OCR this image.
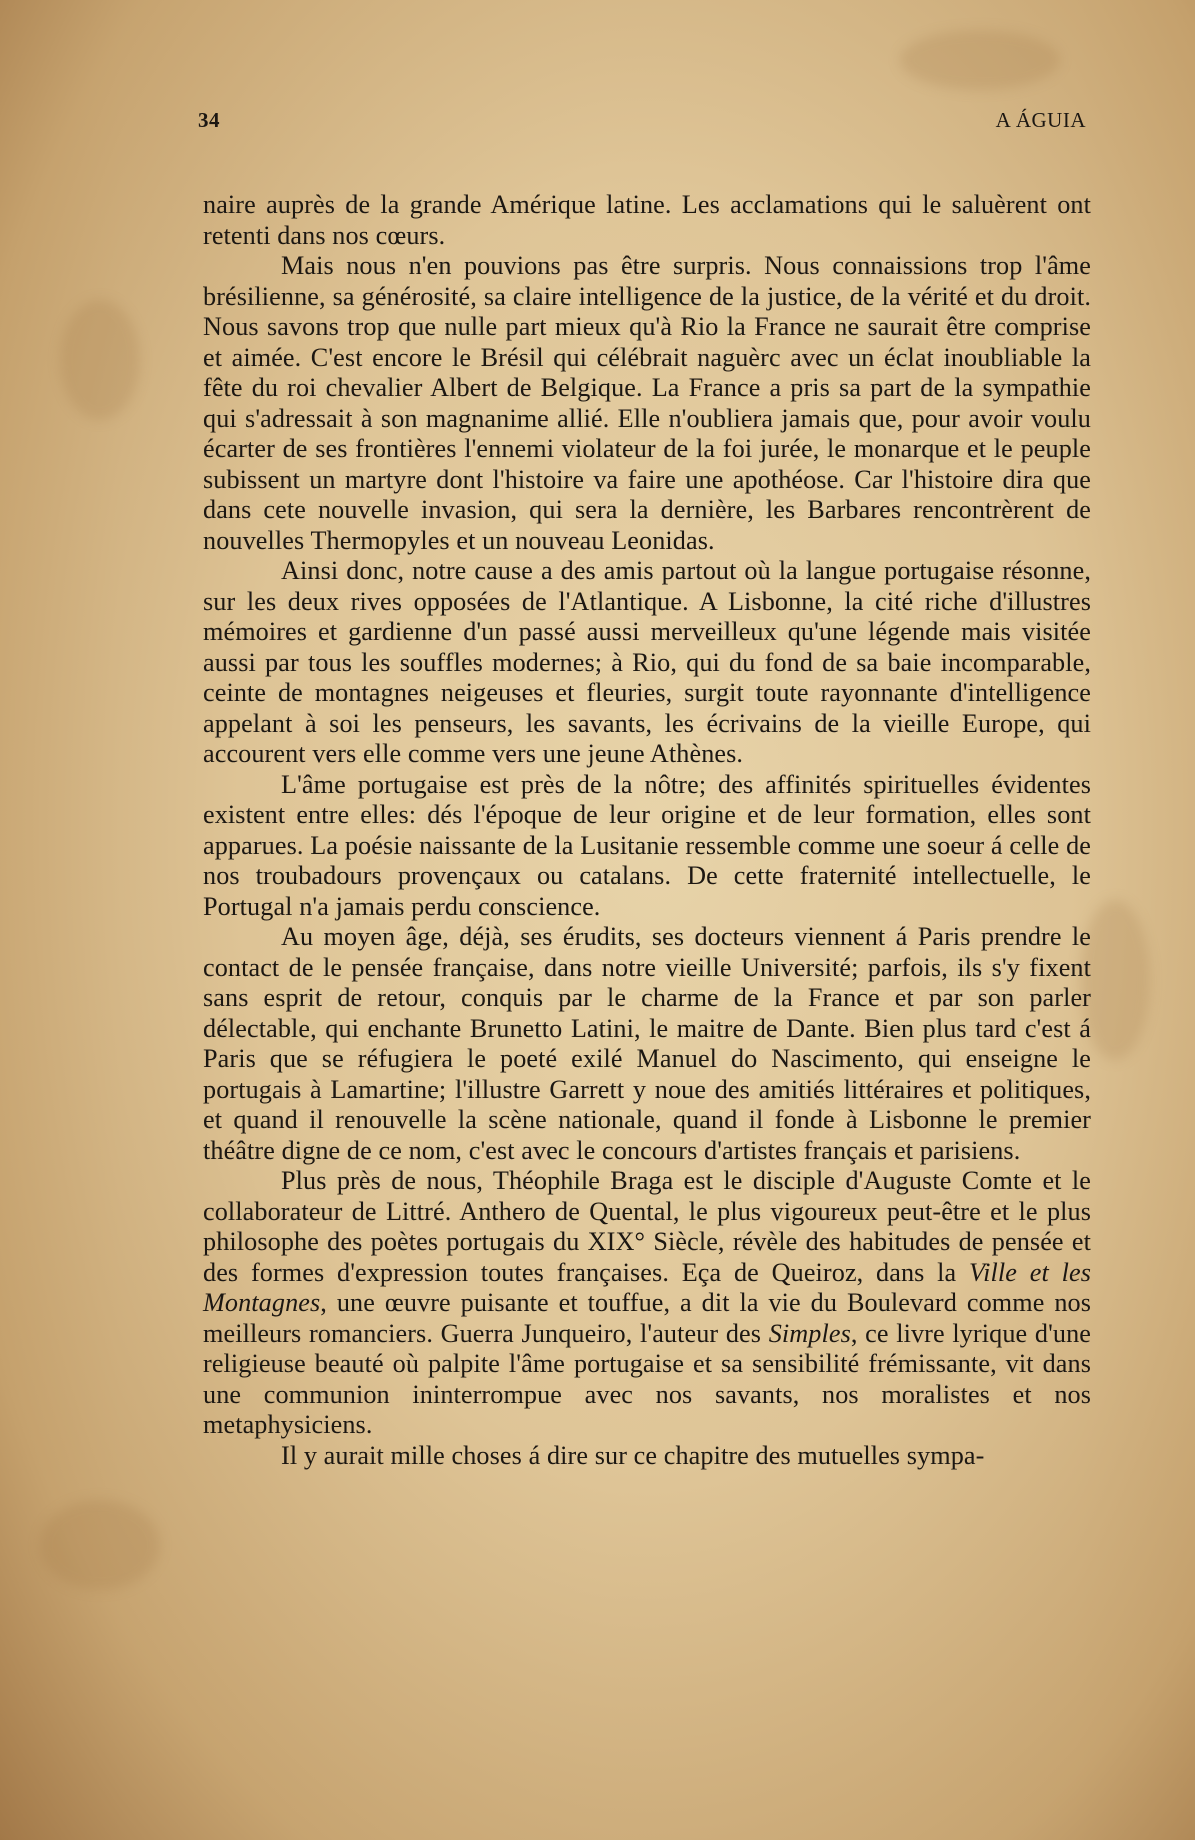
34	A ÁGUIA

naire auprès de la grande Amérique latine. Les acclamations qui le saluèrent ont retenti dans nos cœurs.

Mais nous n'en pouvions pas être surpris. Nous connaissions trop l'âme brésilienne, sa générosité, sa claire intelligence de la justice, de la vérité et du droit. Nous savons trop que nulle part mieux qu'à Rio la France ne saurait être comprise et aimée. C'est encore le Brésil qui célébrait naguèrc avec un éclat inoubliable la fête du roi chevalier Albert de Belgique. La France a pris sa part de la sympathie qui s'adressait à son magnanime allié. Elle n'oubliera jamais que, pour avoir voulu écarter de ses frontières l'ennemi violateur de la foi jurée, le monarque et le peuple subissent un martyre dont l'histoire va faire une apothéose. Car l'histoire dira que dans cete nouvelle invasion, qui sera la dernière, les Barbares rencontrèrent de nouvelles Thermopyles et un nouveau Leonidas.

Ainsi donc, notre cause a des amis partout où la langue portugaise résonne, sur les deux rives opposées de l'Atlantique. A Lisbonne, la cité riche d'illustres mémoires et gardienne d'un passé aussi merveilleux qu'une légende mais visitée aussi par tous les souffles modernes; à Rio, qui du fond de sa baie incomparable, ceinte de montagnes neigeuses et fleuries, surgit toute rayonnante d'intelligence appelant à soi les penseurs, les savants, les écrivains de la vieille Europe, qui accourent vers elle comme vers une jeune Athènes.

L'âme portugaise est près de la nôtre; des affinités spirituelles évidentes existent entre elles: dés l'époque de leur origine et de leur formation, elles sont apparues. La poésie naissante de la Lusitanie ressemble comme une soeur á celle de nos troubadours provençaux ou catalans. De cette fraternité intellectuelle, le Portugal n'a jamais perdu conscience.

Au moyen âge, déjà, ses érudits, ses docteurs viennent á Paris prendre le contact de le pensée française, dans notre vieille Université; parfois, ils s'y fixent sans esprit de retour, conquis par le charme de la France et par son parler délectable, qui enchante Brunetto Latini, le maitre de Dante. Bien plus tard c'est á Paris que se réfugiera le poeté exilé Manuel do Nascimento, qui enseigne le portugais à Lamartine; l'illustre Garrett y noue des amitiés littéraires et politiques, et quand il renouvelle la scène nationale, quand il fonde à Lisbonne le premier théâtre digne de ce nom, c'est avec le concours d'artistes français et parisiens.

Plus près de nous, Théophile Braga est le disciple d'Auguste Comte et le collaborateur de Littré. Anthero de Quental, le plus vigoureux peut-être et le plus philosophe des poètes portugais du XIX° Siècle, révèle des habitudes de pensée et des formes d'expression toutes françaises. Eça de Queiroz, dans la Ville et les Montagnes, une œuvre puisante et touffue, a dit la vie du Boulevard comme nos meilleurs romanciers. Guerra Junqueiro, l'auteur des Simples, ce livre lyrique d'une religieuse beauté où palpite l'âme portugaise et sa sensibilité frémissante, vit dans une communion ininterrompue avec nos savants, nos moralistes et nos metaphysiciens.

Il y aurait mille choses á dire sur ce chapitre des mutuelles sympa-
